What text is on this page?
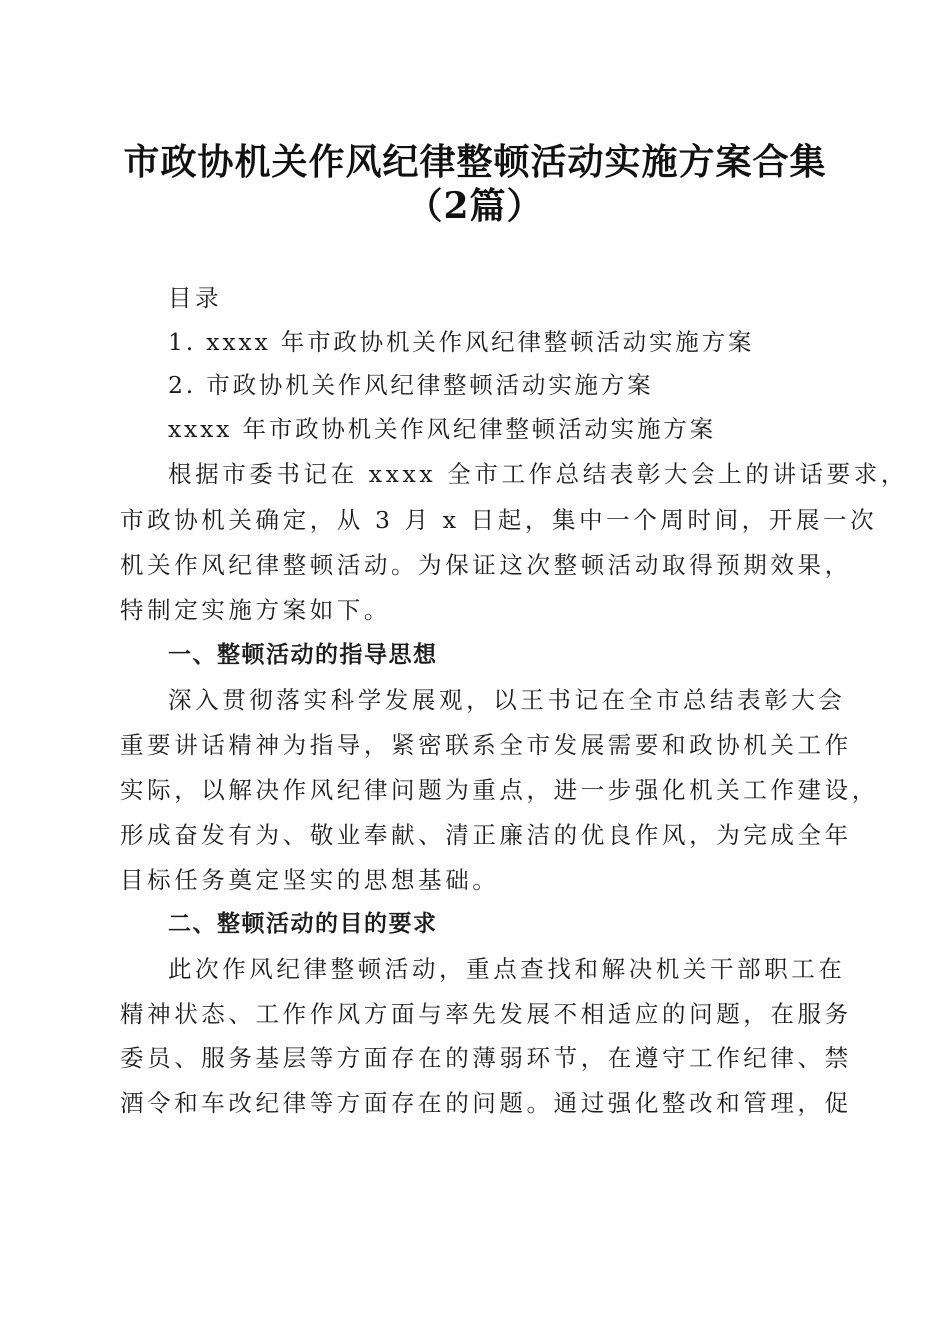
市政协机关作风纪律整顿活动实施方案合集
（2篇）

目录

1. xxxx 年市政协机关作风纪律整顿活动实施方案

2. 市政协机关作风纪律整顿活动实施方案

xxxx 年市政协机关作风纪律整顿活动实施方案

根据市委书记在 xxxx 全市工作总结表彰大会上的讲话要求，

市政协机关确定，从 3 月 x 日起，集中一个周时间，开展一次

机关作风纪律整顿活动。为保证这次整顿活动取得预期效果，

特制定实施方案如下。

一、整顿活动的指导思想

深入贯彻落实科学发展观，以王书记在全市总结表彰大会

重要讲话精神为指导，紧密联系全市发展需要和政协机关工作

实际，以解决作风纪律问题为重点，进一步强化机关工作建设，

形成奋发有为、敬业奉献、清正廉洁的优良作风，为完成全年

目标任务奠定坚实的思想基础。

二、整顿活动的目的要求

此次作风纪律整顿活动，重点查找和解决机关干部职工在

精神状态、工作作风方面与率先发展不相适应的问题，在服务

委员、服务基层等方面存在的薄弱环节，在遵守工作纪律、禁

酒令和车改纪律等方面存在的问题。通过强化整改和管理，促
